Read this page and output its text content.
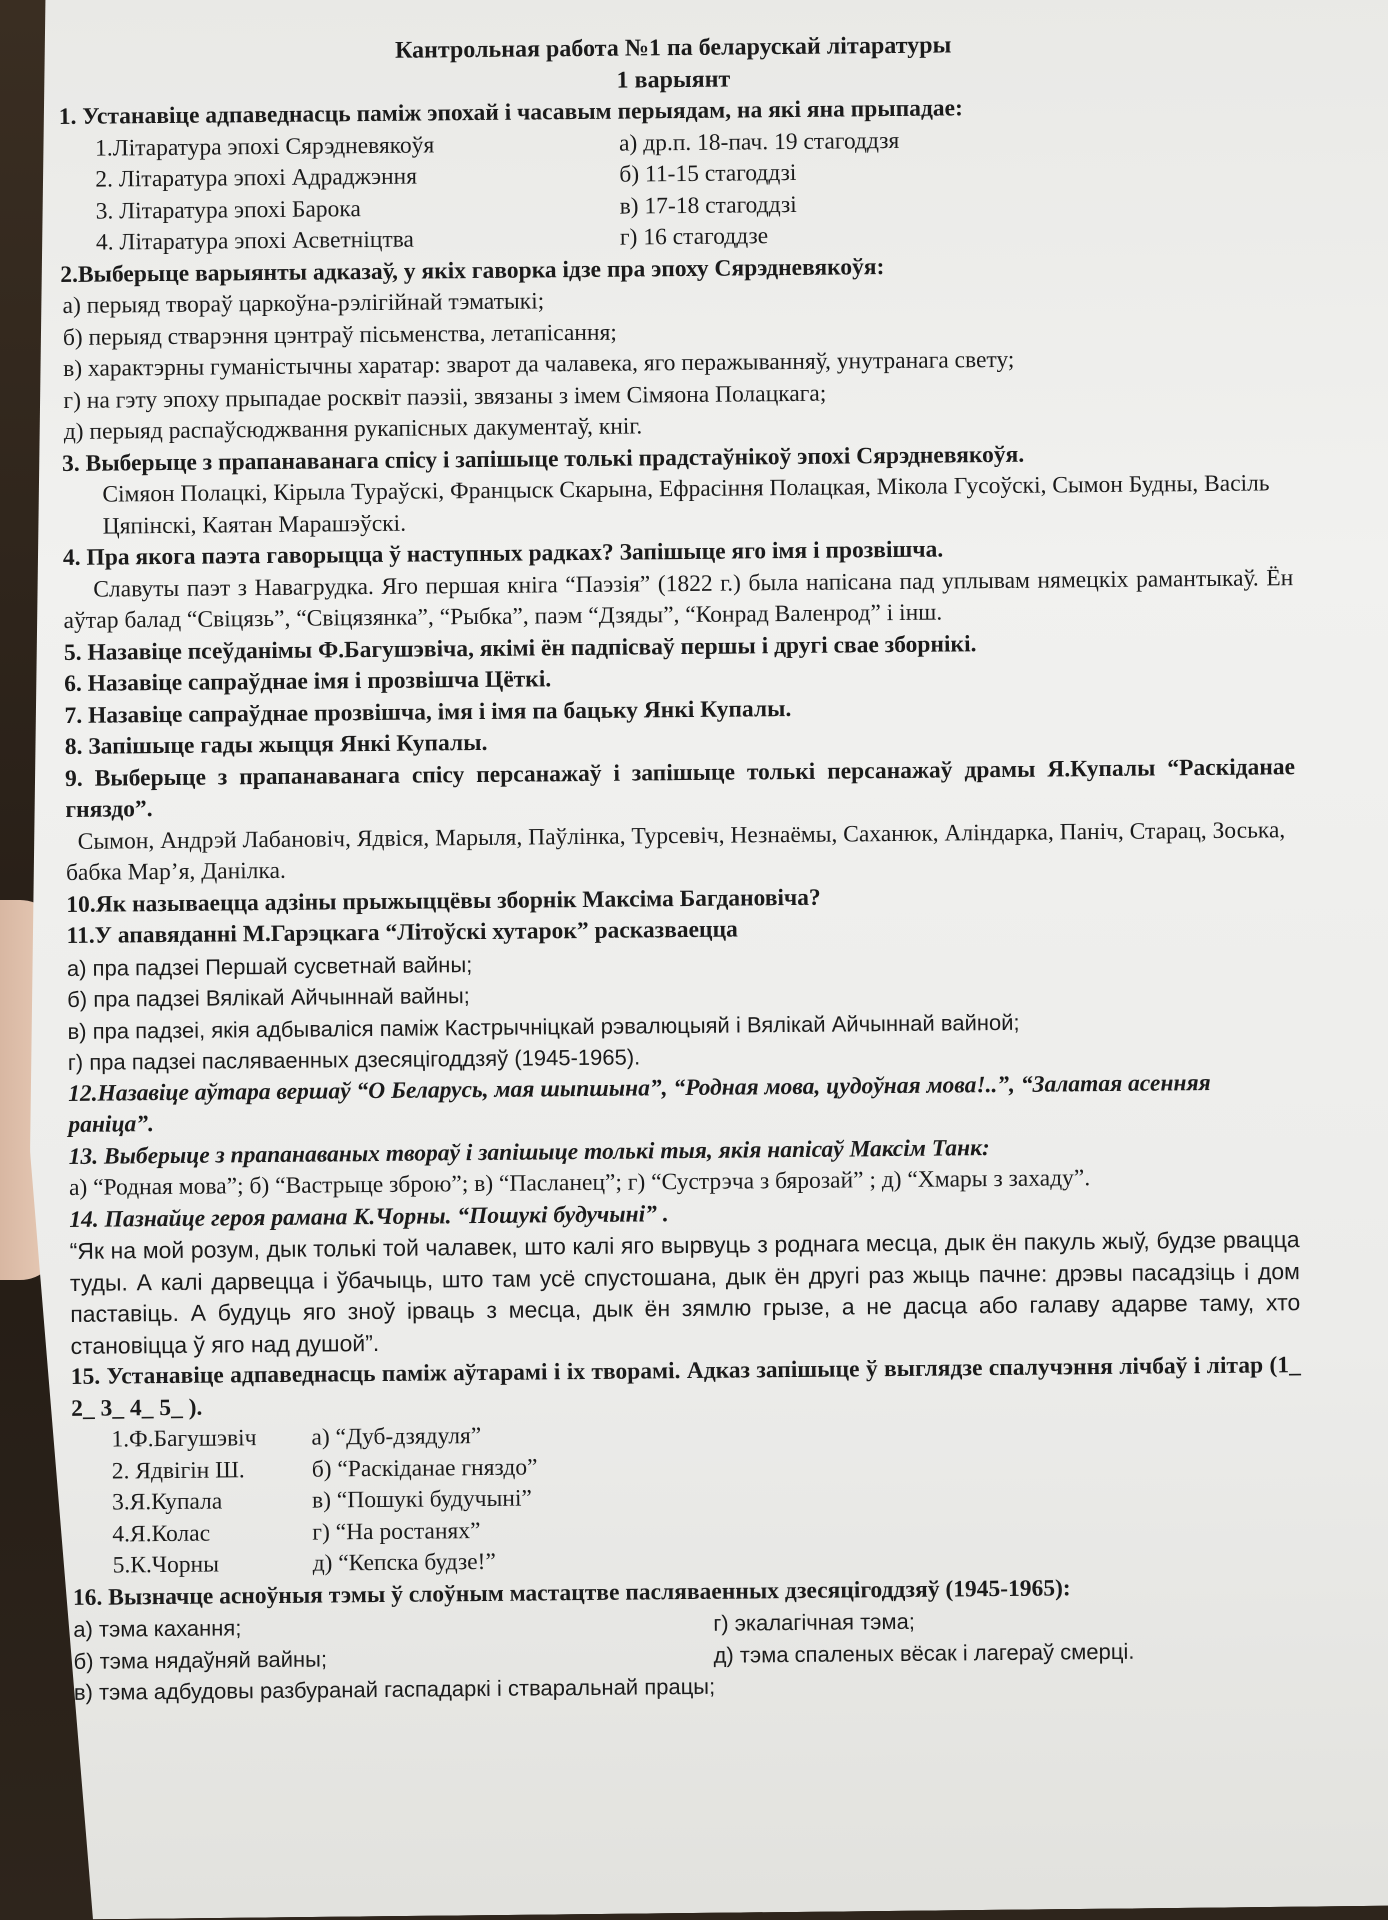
Кантрольная работа №1 па беларускай літаратуры
1 варыянт
1. Устанавіце адпаведнасць паміж эпохай і часавым перыядам, на які яна прыпадае:
1.Літаратура эпохі Сярэдневякоўя	а) др.п. 18-пач. 19 стагоддзя
2. Літаратура эпохі Адраджэння	б) 11-15 стагоддзі
3. Літаратура эпохі Барока	в) 17-18 стагоддзі
4. Літаратура эпохі Асветніцтва	г) 16 стагоддзе
2.Выберыце варыянты адказаў, у якіх гаворка ідзе пра эпоху Сярэдневякоўя:
а) перыяд твораў царкоўна-рэлігійнай тэматыкі;
б) перыяд стварэння цэнтраў пісьменства, летапісання;
в) характэрны гуманістычны харатар: зварот да чалавека, яго перажыванняў, унутранага свету;
г) на гэту эпоху прыпадае росквіт паэзіі, звязаны з імем Сімяона Полацкага;
д) перыяд распаўсюджвання рукапісных дакументаў, кніг.
3. Выберыце з прапанаванага спісу і запішыце толькі прадстаўнікоў эпохі Сярэдневякоўя.
Сімяон Полацкі, Кірыла Тураўскі, Францыск Скарына, Ефрасіння Полацкая, Мікола Гусоўскі, Сымон Будны, Васіль Цяпінскі, Каятан Марашэўскі.
4. Пра якога паэта гаворыцца ў наступных радках? Запішыце яго імя і прозвішча.
Славуты паэт з Навагрудка. Яго першая кніга “Паэзія” (1822 г.) была напісана пад уплывам нямецкіх рамантыкаў. Ён аўтар балад “Свіцязь”, “Свіцязянка”, “Рыбка”, паэм “Дзяды”, “Конрад Валенрод” і інш.
5. Назавіце псеўданімы Ф.Багушэвіча, якімі ён падпісваў першы і другі свае зборнікі.
6. Назавіце сапраўднае імя і прозвішча Цёткі.
7. Назавіце сапраўднае прозвішча, імя і імя па бацьку Янкі Купалы.
8. Запішыце гады жыцця Янкі Купалы.
9. Выберыце з прапанаванага спісу персанажаў і запішыце толькі персанажаў драмы Я.Купалы “Раскіданае гняздо”.
Сымон, Андрэй Лабановіч, Ядвіся, Марыля, Паўлінка, Турсевіч, Незнаёмы, Саханюк, Аліндарка, Паніч, Старац, Зоська, бабка Мар’я, Данілка.
10.Як называецца адзіны прыжыццёвы зборнік Максіма Багдановіча?
11.У апавяданні М.Гарэцкага “Літоўскі хутарок” расказваецца
а) пра падзеі Першай сусветнай вайны;
б) пра падзеі Вялікай Айчыннай вайны;
в) пра падзеі, якія адбываліся паміж Кастрычніцкай рэвалюцыяй і Вялікай Айчыннай вайной;
г) пра падзеі пасляваенных дзесяцігоддзяў (1945-1965).
12.Назавіце аўтара вершаў “О Беларусь, мая шыпшына”, “Родная мова, цудоўная мова!..”, “Залатая асенняя раніца”.
13. Выберыце з прапанаваных твораў і запішыце толькі тыя, якія напісаў Максім Танк:
а) “Родная мова”; б) “Вастрыце зброю”; в) “Пасланец”; г) “Сустрэча з бярозай” ; д) “Хмары з захаду”.
14. Пазнайце героя рамана К.Чорны. “Пошукі будучыні” .
“Як на мой розум, дык толькі той чалавек, што калі яго вырвуць з роднага месца, дык ён пакуль жыў, будзе рвацца туды. А калі дарвецца і ўбачыць, што там усё спустошана, дык ён другі раз жыць пачне: дрэвы пасадзіць і дом паставіць. А будуць яго зноў ірваць з месца, дык ён зямлю грызе, а не дасца або галаву адарве таму, хто становіцца ў яго над душой”.
15. Устанавіце адпаведнасць паміж аўтарамі і іх творамі. Адказ запішыце ў выглядзе спалучэння лічбаў і літар (1_ 2_ 3_ 4_ 5_ ).
1.Ф.Багушэвіч	а) “Дуб-дзядуля”
2. Ядвігін Ш.	б) “Раскіданае гняздо”
3.Я.Купала	в) “Пошукі будучыні”
4.Я.Колас	г) “На ростанях”
5.К.Чорны	д) “Кепска будзе!”
16. Вызначце асноўныя тэмы ў слоўным мастацтве пасляваенных дзесяцігоддзяў (1945-1965):
а) тэма кахання;	г) экалагічная тэма;
б) тэма нядаўняй вайны;	д) тэма спаленых вёсак і лагераў смерці.
в) тэма адбудовы разбуранай гаспадаркі і стваральнай працы;
